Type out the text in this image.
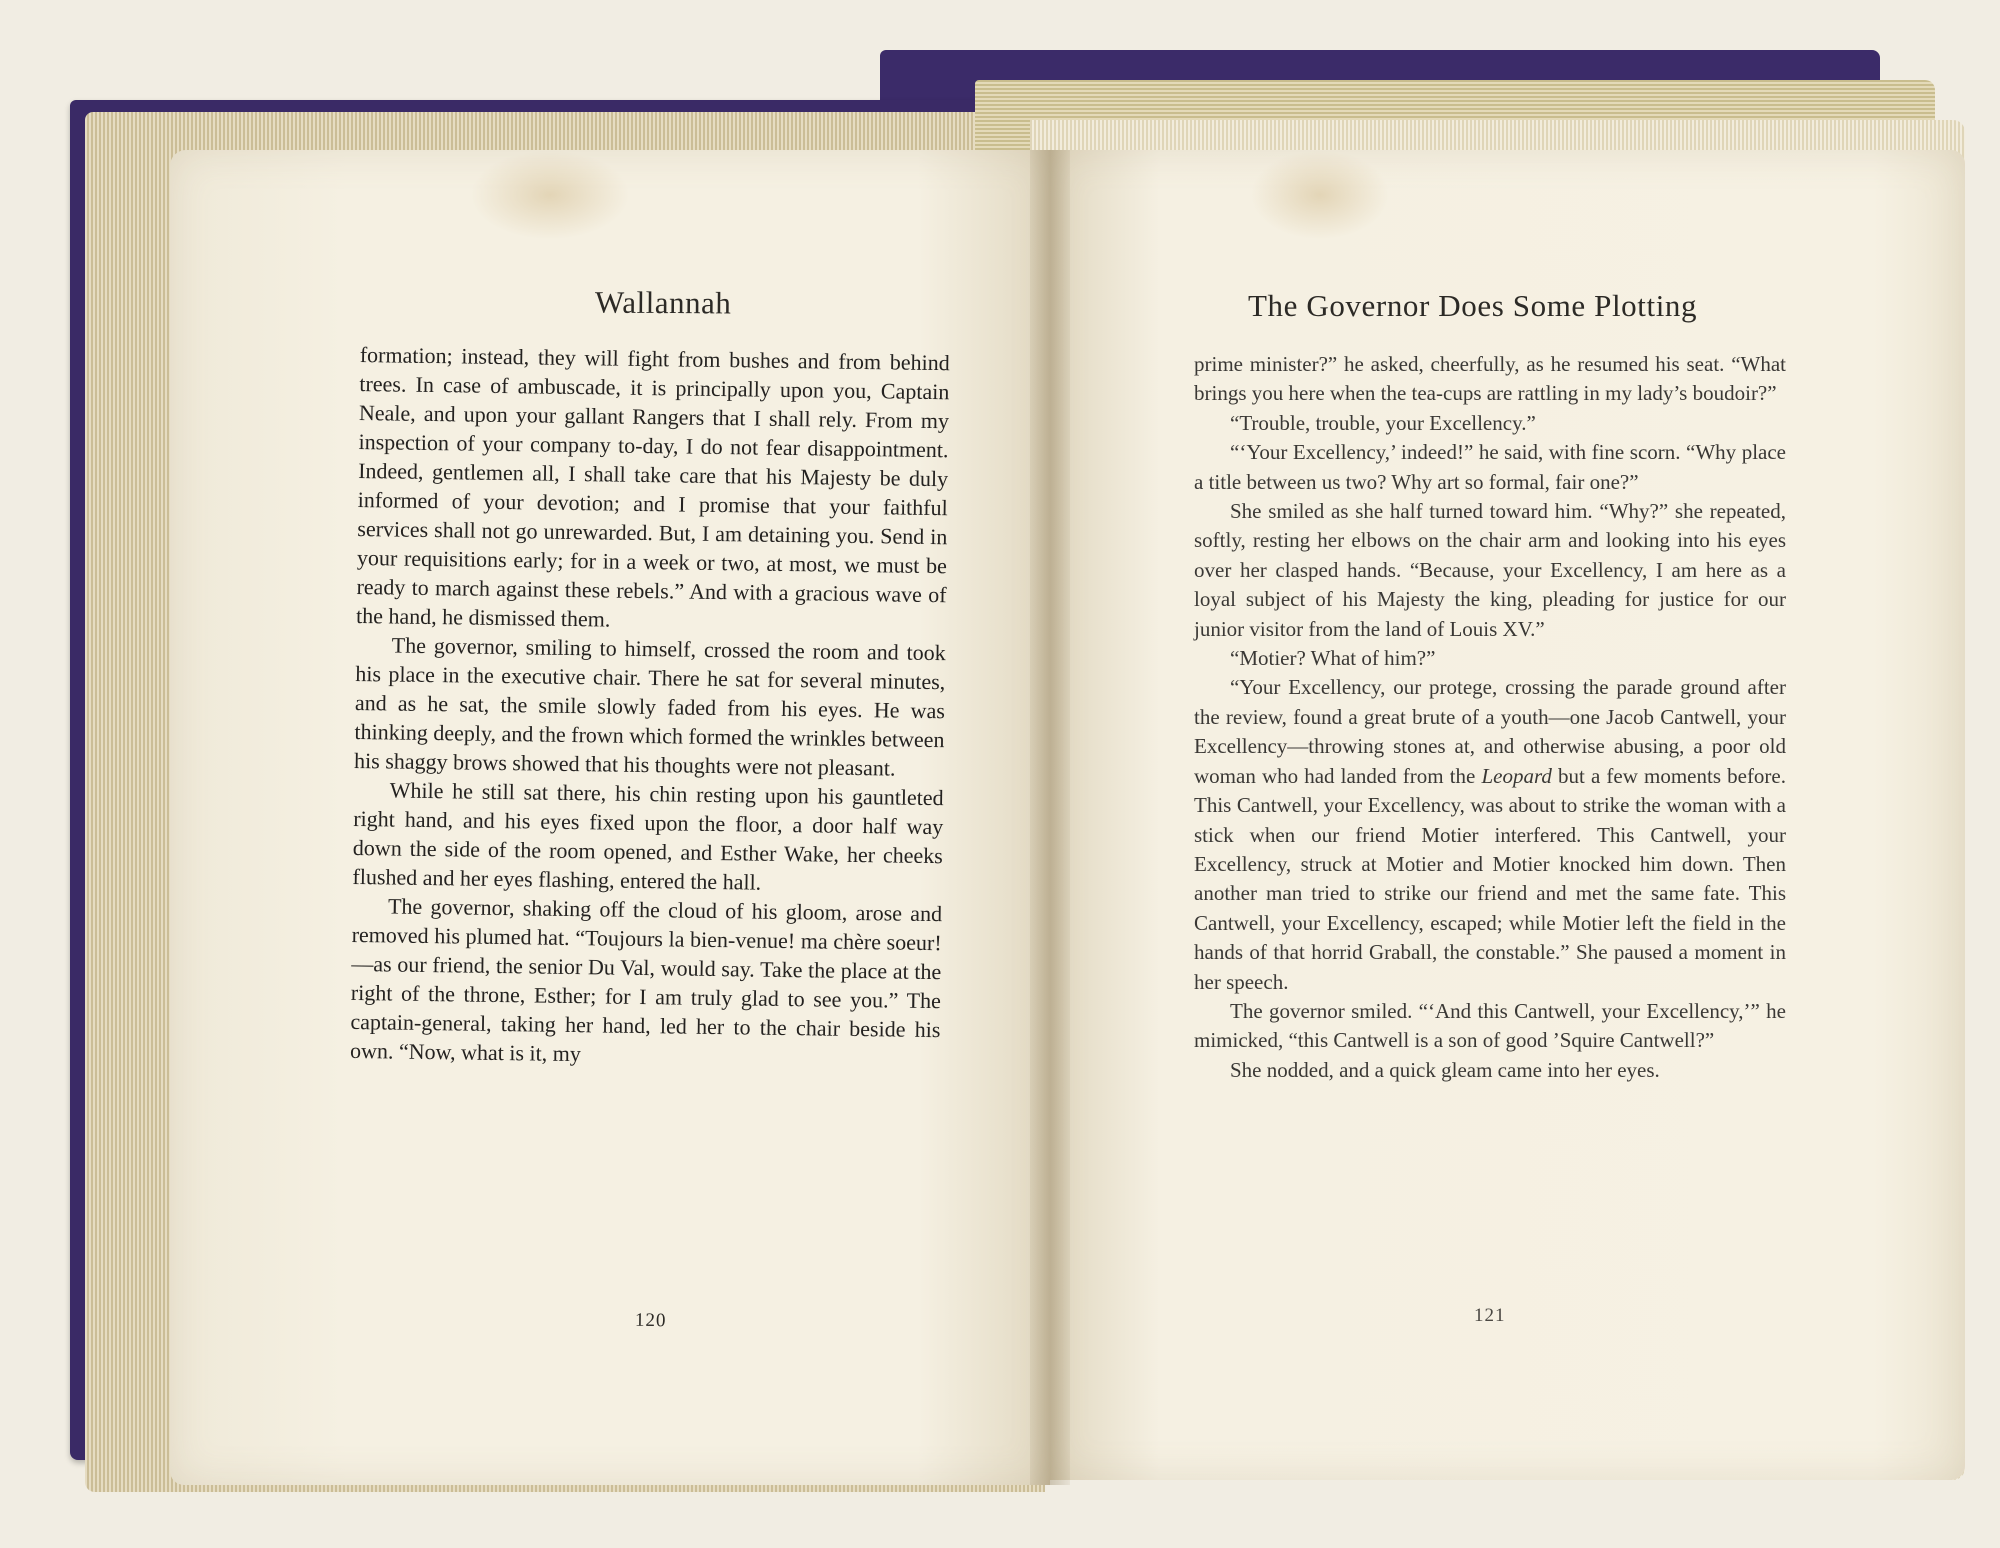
Wallannah

formation; instead, they will fight from bushes and from behind trees. In case of ambuscade, it is principally upon you, Captain Neale, and upon your gallant Rangers that I shall rely. From my inspection of your company to-day, I do not fear disappointment. Indeed, gentlemen all, I shall take care that his Majesty be duly informed of your devotion; and I promise that your faithful services shall not go unrewarded. But, I am detaining you. Send in your requisitions early; for in a week or two, at most, we must be ready to march against these rebels.” And with a gracious wave of the hand, he dismissed them.

The governor, smiling to himself, crossed the room and took his place in the executive chair. There he sat for several minutes, and as he sat, the smile slowly faded from his eyes. He was thinking deeply, and the frown which formed the wrinkles between his shaggy brows showed that his thoughts were not pleasant.

While he still sat there, his chin resting upon his gauntleted right hand, and his eyes fixed upon the floor, a door half way down the side of the room opened, and Esther Wake, her cheeks flushed and her eyes flashing, entered the hall.

The governor, shaking off the cloud of his gloom, arose and removed his plumed hat. “Toujours la bien-venue! ma chère soeur!—as our friend, the senior Du Val, would say. Take the place at the right of the throne, Esther; for I am truly glad to see you.” The captain-general, taking her hand, led her to the chair beside his own. “Now, what is it, my

120
The Governor Does Some Plotting

prime minister?” he asked, cheerfully, as he resumed his seat. “What brings you here when the tea-cups are rattling in my lady’s boudoir?”

“Trouble, trouble, your Excellency.”

“‘Your Excellency,’ indeed!” he said, with fine scorn. “Why place a title between us two? Why art so formal, fair one?”

She smiled as she half turned toward him. “Why?” she repeated, softly, resting her elbows on the chair arm and looking into his eyes over her clasped hands. “Because, your Excellency, I am here as a loyal subject of his Majesty the king, pleading for justice for our junior visitor from the land of Louis XV.”

“Motier? What of him?”

“Your Excellency, our protege, crossing the parade ground after the review, found a great brute of a youth—one Jacob Cantwell, your Excellency—throwing stones at, and otherwise abusing, a poor old woman who had landed from the Leopard but a few moments before. This Cantwell, your Excellency, was about to strike the woman with a stick when our friend Motier interfered. This Cantwell, your Excellency, struck at Motier and Motier knocked him down. Then another man tried to strike our friend and met the same fate. This Cantwell, your Excellency, escaped; while Motier left the field in the hands of that horrid Graball, the constable.” She paused a moment in her speech.

The governor smiled. “‘And this Cantwell, your Excellency,’” he mimicked, “this Cantwell is a son of good ’Squire Cantwell?”

She nodded, and a quick gleam came into her eyes.

121
